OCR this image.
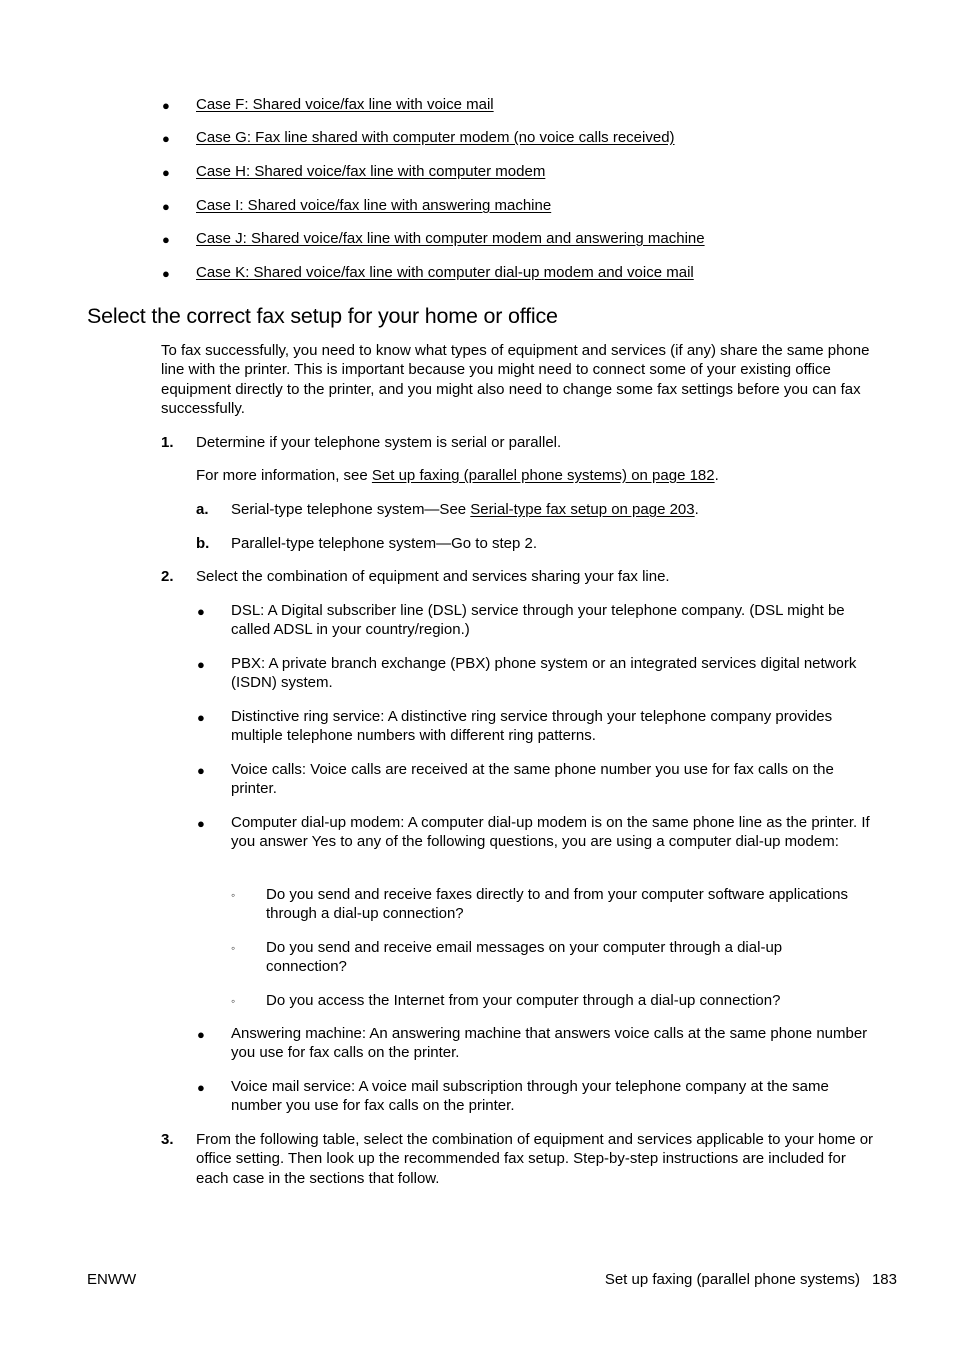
● Case F: Shared voice/fax line with voice mail
● Case G: Fax line shared with computer modem (no voice calls received)
● Case H: Shared voice/fax line with computer modem
● Case I: Shared voice/fax line with answering machine
● Case J: Shared voice/fax line with computer modem and answering machine
● Case K: Shared voice/fax line with computer dial-up modem and voice mail
Select the correct fax setup for your home or office
To fax successfully, you need to know what types of equipment and services (if any) share the same phone line with the printer. This is important because you might need to connect some of your existing office equipment directly to the printer, and you might also need to change some fax settings before you can fax successfully.
1. Determine if your telephone system is serial or parallel.
For more information, see Set up faxing (parallel phone systems) on page 182.
a. Serial-type telephone system—See Serial-type fax setup on page 203.
b. Parallel-type telephone system—Go to step 2.
2. Select the combination of equipment and services sharing your fax line.
● DSL: A Digital subscriber line (DSL) service through your telephone company. (DSL might be called ADSL in your country/region.)
● PBX: A private branch exchange (PBX) phone system or an integrated services digital network (ISDN) system.
● Distinctive ring service: A distinctive ring service through your telephone company provides multiple telephone numbers with different ring patterns.
● Voice calls: Voice calls are received at the same phone number you use for fax calls on the printer.
● Computer dial-up modem: A computer dial-up modem is on the same phone line as the printer. If you answer Yes to any of the following questions, you are using a computer dial-up modem:
◦ Do you send and receive faxes directly to and from your computer software applications through a dial-up connection?
◦ Do you send and receive email messages on your computer through a dial-up connection?
◦ Do you access the Internet from your computer through a dial-up connection?
● Answering machine: An answering machine that answers voice calls at the same phone number you use for fax calls on the printer.
● Voice mail service: A voice mail subscription through your telephone company at the same number you use for fax calls on the printer.
3. From the following table, select the combination of equipment and services applicable to your home or office setting. Then look up the recommended fax setup. Step-by-step instructions are included for each case in the sections that follow.
ENWW	Set up faxing (parallel phone systems) 183
